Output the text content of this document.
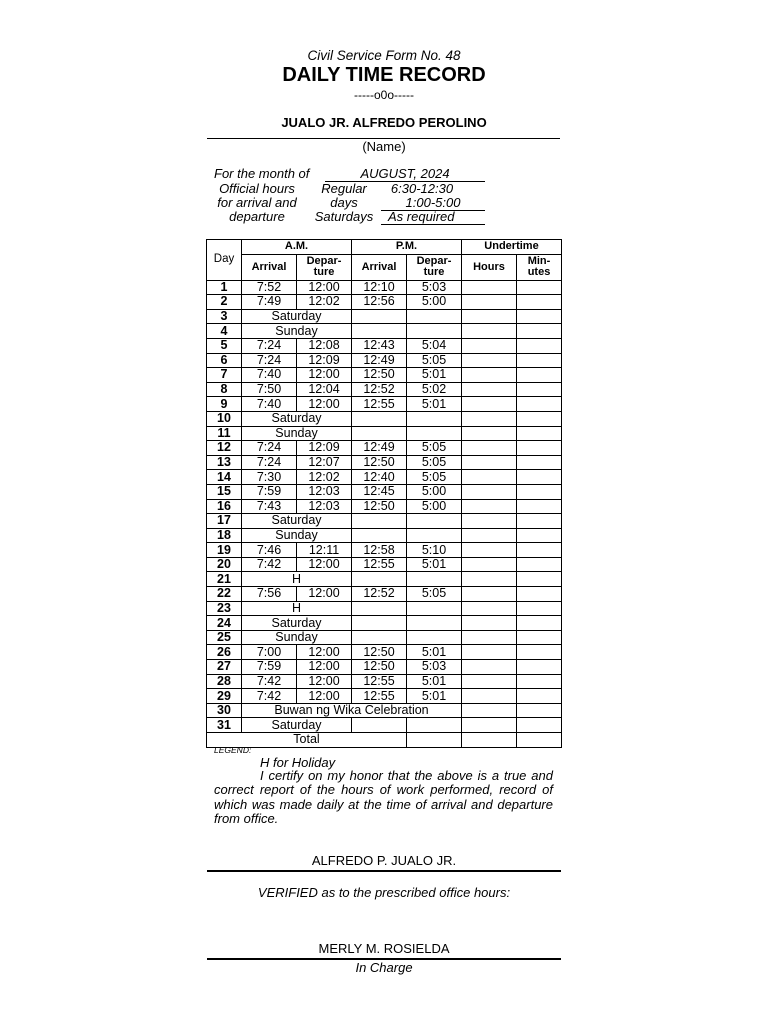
Civil Service Form No. 48
DAILY TIME RECORD
-----o0o-----
JUALO JR. ALFREDO PEROLINO
(Name)
For the month of	AUGUST, 2024
Official hours
for arrival and
departure
Regular
days
Saturdays
6:30-12:30
1:00-5:00
As required
Day	A.M.		P.M.		Undertime	
	Arrival	Depar-ture	Arrival	Depar-ture	Hours	Min-utes
1	7:52	12:00	12:10	5:03		
2	7:49	12:02	12:56	5:00		
3	Saturday					
4	Sunday					
5	7:24	12:08	12:43	5:04		
6	7:24	12:09	12:49	5:05		
7	7:40	12:00	12:50	5:01		
8	7:50	12:04	12:52	5:02		
9	7:40	12:00	12:55	5:01		
10	Saturday					
11	Sunday					
12	7:24	12:09	12:49	5:05		
13	7:24	12:07	12:50	5:05		
14	7:30	12:02	12:40	5:05		
15	7:59	12:03	12:45	5:00		
16	7:43	12:03	12:50	5:00		
17	Saturday					
18	Sunday					
19	7:46	12:11	12:58	5:10		
20	7:42	12:00	12:55	5:01		
21	H					
22	7:56	12:00	12:52	5:05		
23	H					
24	Saturday					
25	Sunday					
26	7:00	12:00	12:50	5:01		
27	7:59	12:00	12:50	5:03		
28	7:42	12:00	12:55	5:01		
29	7:42	12:00	12:55	5:01		
30	Buwan ng Wika Celebration					
31	Saturday					
Total						
LEGEND:
H for Holiday
I certify on my honor that the above is a true and correct report of the hours of work performed, record of which was made daily at the time of arrival and departure from office.
ALFREDO P. JUALO JR.
VERIFIED as to the prescribed office hours:
MERLY M. ROSIELDA
In Charge
